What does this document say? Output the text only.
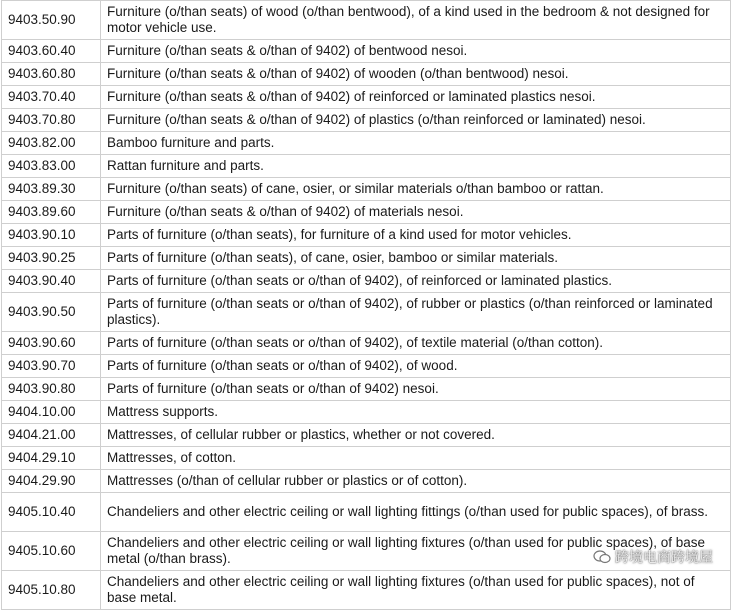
9403.50.90	Furniture (o/than seats) of wood (o/than bentwood), of a kind used in the bedroom & not designed for motor vehicle use.
9403.60.40	Furniture (o/than seats & o/than of 9402) of bentwood nesoi.
9403.60.80	Furniture (o/than seats & o/than of 9402) of wooden (o/than bentwood) nesoi.
9403.70.40	Furniture (o/than seats & o/than of 9402) of reinforced or laminated plastics nesoi.
9403.70.80	Furniture (o/than seats & o/than of 9402) of plastics (o/than reinforced or laminated) nesoi.
9403.82.00	Bamboo furniture and parts.
9403.83.00	Rattan furniture and parts.
9403.89.30	Furniture (o/than seats) of cane, osier, or similar materials o/than bamboo or rattan.
9403.89.60	Furniture (o/than seats & o/than of 9402) of materials nesoi.
9403.90.10	Parts of furniture (o/than seats), for furniture of a kind used for motor vehicles.
9403.90.25	Parts of furniture (o/than seats), of cane, osier, bamboo or similar materials.
9403.90.40	Parts of furniture (o/than seats or o/than of 9402), of reinforced or laminated plastics.
9403.90.50	Parts of furniture (o/than seats or o/than of 9402), of rubber or plastics (o/than reinforced or laminated plastics).
9403.90.60	Parts of furniture (o/than seats or o/than of 9402), of textile material (o/than cotton).
9403.90.70	Parts of furniture (o/than seats or o/than of 9402), of wood.
9403.90.80	Parts of furniture (o/than seats or o/than of 9402) nesoi.
9404.10.00	Mattress supports.
9404.21.00	Mattresses, of cellular rubber or plastics, whether or not covered.
9404.29.10	Mattresses, of cotton.
9404.29.90	Mattresses (o/than of cellular rubber or plastics or of cotton).
9405.10.40	Chandeliers and other electric ceiling or wall lighting fittings (o/than used for public spaces), of brass.
9405.10.60	Chandeliers and other electric ceiling or wall lighting fixtures (o/than used for public spaces), of base metal (o/than brass).
9405.10.80	Chandeliers and other electric ceiling or wall lighting fixtures (o/than used for public spaces), not of base metal.
跨境电商跨境屋
